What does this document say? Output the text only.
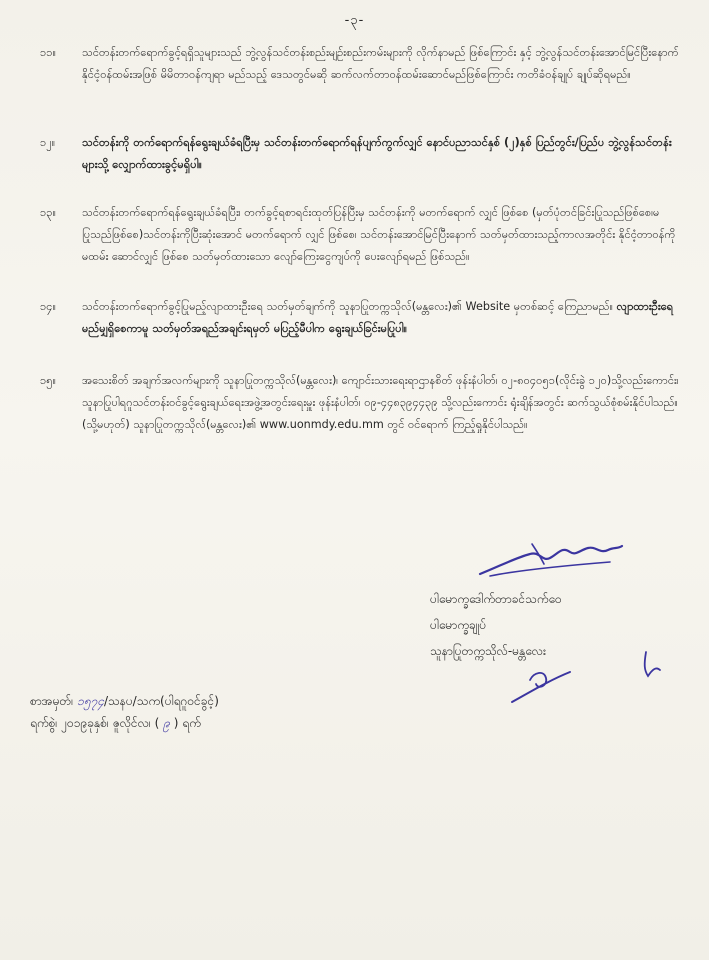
-၃-
၁၁။	သင်တန်းတက်ရောက်ခွင့်ရရှိသူများသည် ဘွဲ့လွန်သင်တန်းစည်းမျဉ်းစည်းကမ်းများကို လိုက်နာမည် ဖြစ်ကြောင်း နှင့် ဘွဲ့လွန်သင်တန်းအောင်မြင်ပြီးနောက် နိုင်ငံ့ဝန်ထမ်းအဖြစ် မိမိတာဝန်ကျရာ မည်သည့် ဒေသတွင်မဆို ဆက်လက်တာဝန်ထမ်းဆောင်မည်ဖြစ်ကြောင်း ကတိခံဝန်ချုပ် ချုပ်ဆိုရမည်။
၁၂။	သင်တန်းကို တက်ရောက်ရန်ရွေးချယ်ခံရပြီးမှ သင်တန်းတက်ရောက်ရန်ပျက်ကွက်လျှင် နောင်ပညာသင်နှစ် (၂)နှစ် ပြည်တွင်း/ပြည်ပ ဘွဲ့လွန်သင်တန်းများသို့ လျှောက်ထားခွင့်မရှိပါ။
၁၃။	သင်တန်းတက်ရောက်ရန်ရွေးချယ်ခံရပြီး၊ တက်ခွင့်ရစာရင်းထုတ်ပြန်ပြီးမှ သင်တန်းကို မတက်ရောက် လျှင် ဖြစ်စေ (မှတ်ပုံတင်ခြင်းပြုသည်ဖြစ်စေ၊မပြုသည်ဖြစ်စေ)သင်တန်းကိုပြီးဆုံးအောင် မတက်ရောက် လျှင် ဖြစ်စေ၊ သင်တန်းအောင်မြင်ပြီးနောက် သတ်မှတ်ထားသည့်ကာလအတိုင်း နိုင်ငံ့တာဝန်ကို မထမ်း ဆောင်လျှင် ဖြစ်စေ သတ်မှတ်ထားသော လျော်ကြေးငွေကျပ်ကို ပေးလျော်ရမည် ဖြစ်သည်။
၁၄။	သင်တန်းတက်ရောက်ခွင့်ပြုမည့်လျာထားဦးရေ သတ်မှတ်ချက်ကို သူနာပြုတက္ကသိုလ်(မန္တလေး)၏ Website မှတစ်ဆင့် ကြေညာမည်။ လျာထားဦးရေမည်မျှရှိစေကာမူ သတ်မှတ်အရည်အချင်းရမှတ် မပြည့်မီပါက ရွေးချယ်ခြင်းမပြုပါ။
၁၅။	အသေးစိတ် အချက်အလက်များကို သူနာပြုတက္ကသိုလ်(မန္တလေး)၊ ကျောင်းသားရေးရာဌာနစိတ် ဖုန်းနံပါတ်၊ ၀၂-၈၀၄၀၅၁(လိုင်းခွဲ ၁၂၀)သို့လည်းကောင်း၊သူနာပြုပါရဂူသင်တန်းဝင်ခွင့်ရွေးချယ်ရေးအဖွဲ့အတွင်းရေးမှူး ဖုန်းနံပါတ်၊ ၀၉-၄၄၈၃၉၄၄၃၉ သို့လည်းကောင်း ရုံးချိန်အတွင်း ဆက်သွယ်စုံစမ်းနိုင်ပါသည်။ (သို့မဟုတ်) သူနာပြုတက္ကသိုလ်(မန္တလေး)၏ www.uonmdy.edu.mm တွင် ဝင်ရောက် ကြည့်ရှုနိုင်ပါသည်။
ပါမောက္ခဒေါက်တာခင်သက်ဝေ
ပါမောက္ခချုပ်
သူနာပြုတက္ကသိုလ်-မန္တလေး
စာအမှတ်၊ ၁၅၇၄/သနပ/သက(ပါရဂူဝင်ခွင့်)
ရက်စွဲ၊ ၂၀၁၉ခုနှစ်၊ ဇူလိုင်လ၊ ( ၉ ) ရက်
